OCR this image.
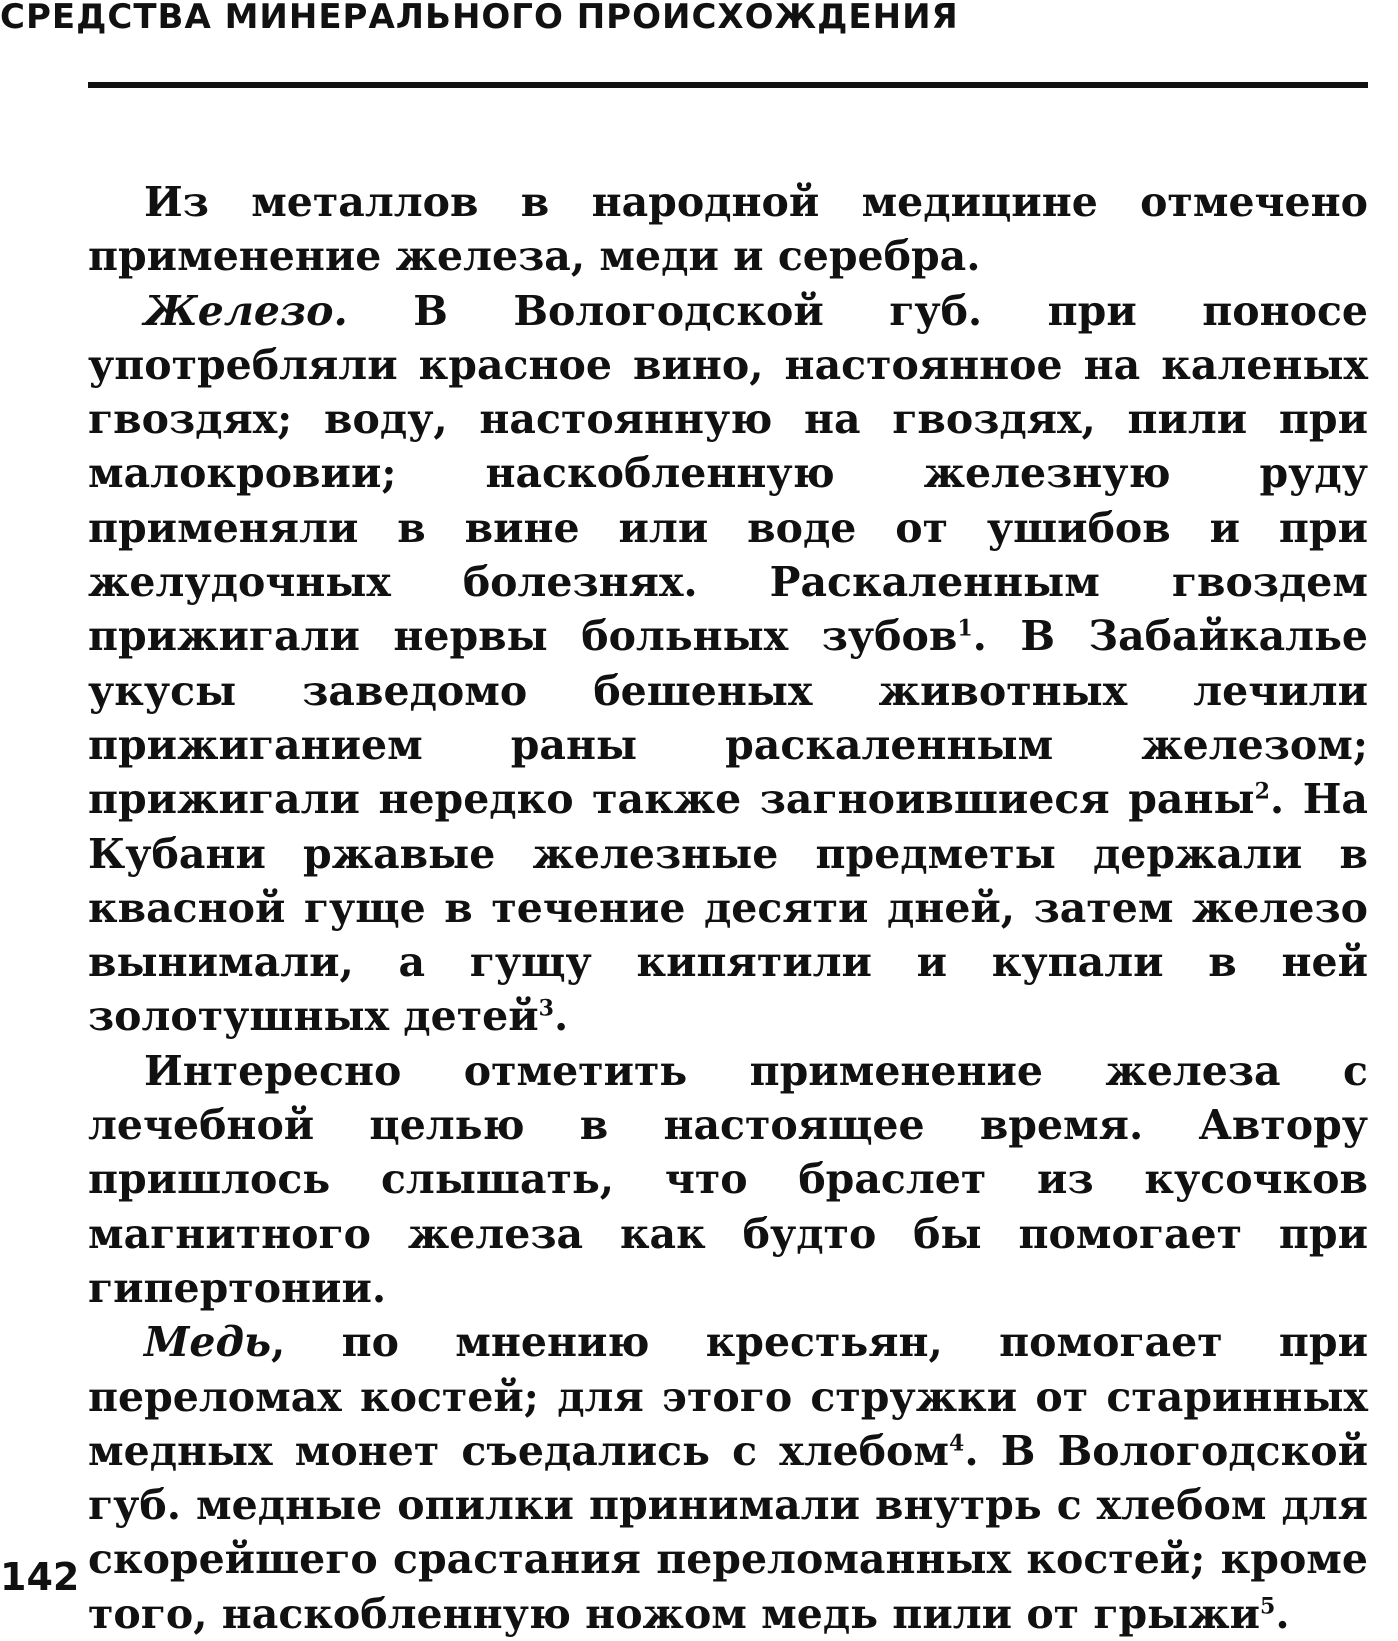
СРЕДСТВА МИНЕРАЛЬНОГО ПРОИСХОЖДЕНИЯ

Из металлов в народной медицине отмечено применение железа, меди и серебра.

Железо. В Вологодской губ. при поносе употребляли красное вино, настоянное на каленых гвоздях; воду, настоянную на гвоздях, пили при малокровии; наскобленную железную руду применяли в вине или воде от ушибов и при желудочных болезнях. Раскаленным гвоздем прижигали нервы больных зубов$^1$. В Забайкалье укусы заведомо бешеных животных лечили прижиганием раны раскаленным железом; прижигали нередко также загноившиеся раны$^2$. На Кубани ржавые железные предметы держали в квасной гуще в течение десяти дней, затем железо вынимали, а гущу кипятили и купали в ней золотушных детей$^3$.

Интересно отметить применение железа с лечебной целью в настоящее время. Автору пришлось слышать, что браслет из кусочков магнитного железа как будто бы помогает при гипертонии.

Медь, по мнению крестьян, помогает при переломах костей; для этого стружки от старинных медных монет съедались с хлебом$^4$. В Вологодской губ. медные опилки принимали внутрь с хлебом для скорейшего срастания переломанных костей; кроме того, наскобленную ножом медь пили от грыжи$^5$.

142
